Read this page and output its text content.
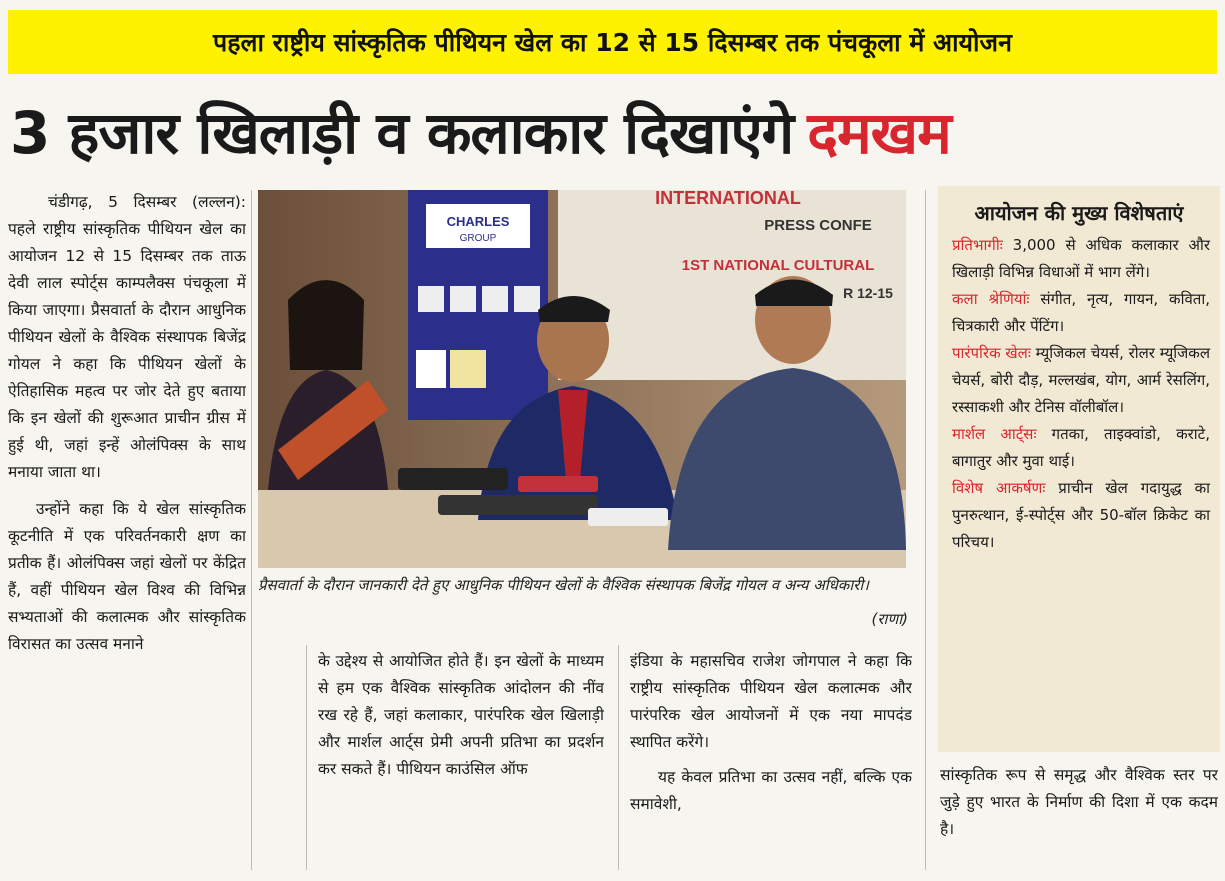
पहला राष्ट्रीय सांस्कृतिक पीथियन खेल का 12 से 15 दिसम्बर तक पंचकूला में आयोजन
3 हजार खिलाड़ी व कलाकार दिखाएंगे दमखम

चंडीगढ़, 5 दिसम्बर (लल्लन): पहले राष्ट्रीय सांस्कृतिक पीथियन खेल का आयोजन 12 से 15 दिसम्बर तक ताऊ देवी लाल स्पोर्ट्स काम्पलैक्स पंचकूला में किया जाएगा। प्रैसवार्ता के दौरान आधुनिक पीथियन खेलों के वैश्विक संस्थापक बिजेंद्र गोयल ने कहा कि पीथियन खेलों के ऐतिहासिक महत्व पर जोर देते हुए बताया कि इन खेलों की शुरूआत प्राचीन ग्रीस में हुई थी, जहां इन्हें ओलंपिक्स के साथ मनाया जाता था।

उन्होंने कहा कि ये खेल सांस्कृतिक कूटनीति में एक परिवर्तनकारी क्षण का प्रतीक हैं। ओलंपिक्स जहां खेलों पर केंद्रित हैं, वहीं पीथियन खेल विश्व की विभिन्न सभ्यताओं की कलात्मक और सांस्कृतिक विरासत का उत्सव मनाने

CHARLES
GROUP
INTERNATIONAL
PRESS CONFE
1ST NATIONAL CULTURAL
R 12-15
प्रैसवार्ता के दौरान जानकारी देते हुए आधुनिक पीथियन खेलों के वैश्विक संस्थापक बिजेंद्र गोयल व अन्य अधिकारी।
(राणा)

के उद्देश्य से आयोजित होते हैं। इन खेलों के माध्यम से हम एक वैश्विक सांस्कृतिक आंदोलन की नींव रख रहे हैं, जहां कलाकार, पारंपरिक खेल खिलाड़ी और मार्शल आर्ट्स प्रेमी अपनी प्रतिभा का प्रदर्शन कर सकते हैं। पीथियन काउंसिल ऑफ

इंडिया के महासचिव राजेश जोगपाल ने कहा कि राष्ट्रीय सांस्कृतिक पीथियन खेल कलात्मक और पारंपरिक खेल आयोजनों में एक नया मापदंड स्थापित करेंगे।

यह केवल प्रतिभा का उत्सव नहीं, बल्कि एक समावेशी,

आयोजन की मुख्य विशेषताएं
प्रतिभागीः 3,000 से अधिक कलाकार और खिलाड़ी विभिन्न विधाओं में भाग लेंगे।
कला श्रेणियांः संगीत, नृत्य, गायन, कविता, चित्रकारी और पेंटिंग।
पारंपरिक खेलः म्यूजिकल चेयर्स, रोलर म्यूजिकल चेयर्स, बोरी दौड़, मल्लखंब, योग, आर्म रेसलिंग, रस्साकशी और टेनिस वॉलीबॉल।
मार्शल आर्ट्सः गतका, ताइक्वांडो, कराटे, बागातुर और मुवा थाई।
विशेष आकर्षणः प्राचीन खेल गदायुद्ध का पुनरुत्थान, ई-स्पोर्ट्स और 50-बॉल क्रिकेट का परिचय।

सांस्कृतिक रूप से समृद्ध और वैश्विक स्तर पर जुड़े हुए भारत के निर्माण की दिशा में एक कदम है।
